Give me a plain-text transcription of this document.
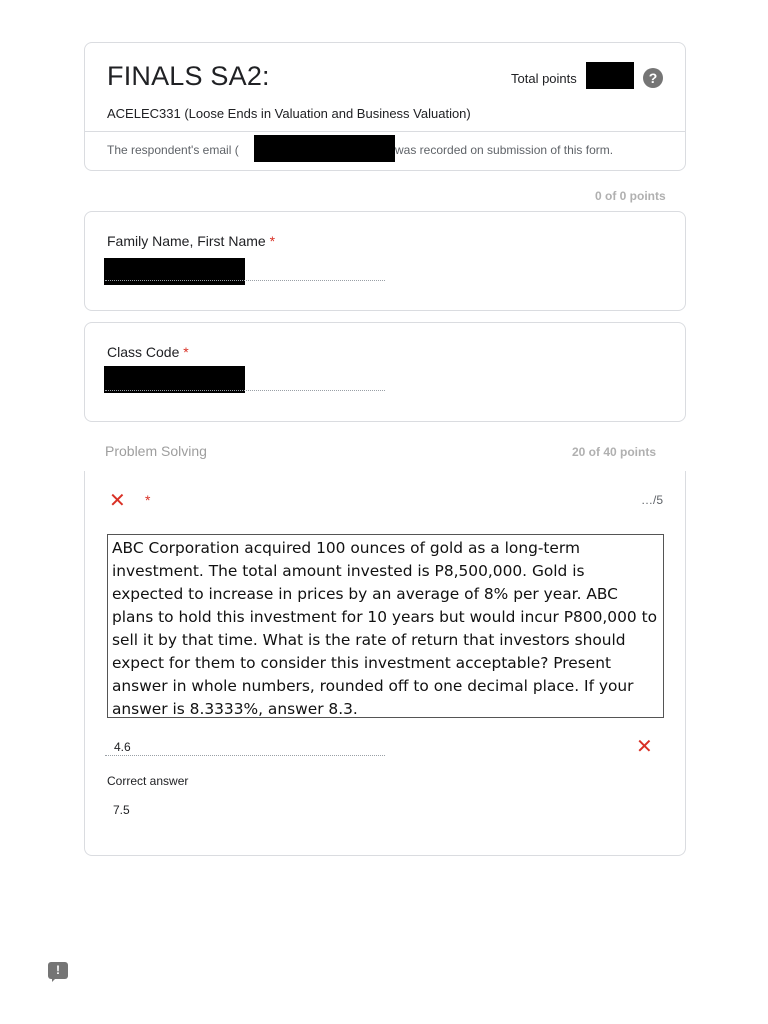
FINALS SA2:	Total points	?
ACELEC331 (Loose Ends in Valuation and Business Valuation)
The respondent's email (	was recorded on submission of this form.
0 of 0 points
Family Name, First Name *
Class Code *
Problem Solving	20 of 40 points
✕ *	…/5
ABC Corporation acquired 100 ounces of gold as a long-term investment. The total amount invested is P8,500,000. Gold is expected to increase in prices by an average of 8% per year. ABC plans to hold this investment for 10 years but would incur P800,000 to sell it by that time. What is the rate of return that investors should expect for them to consider this investment acceptable? Present answer in whole numbers, rounded off to one decimal place. If your answer is 8.3333%, answer 8.3.
4.6	✕
Correct answer
7.5
!
